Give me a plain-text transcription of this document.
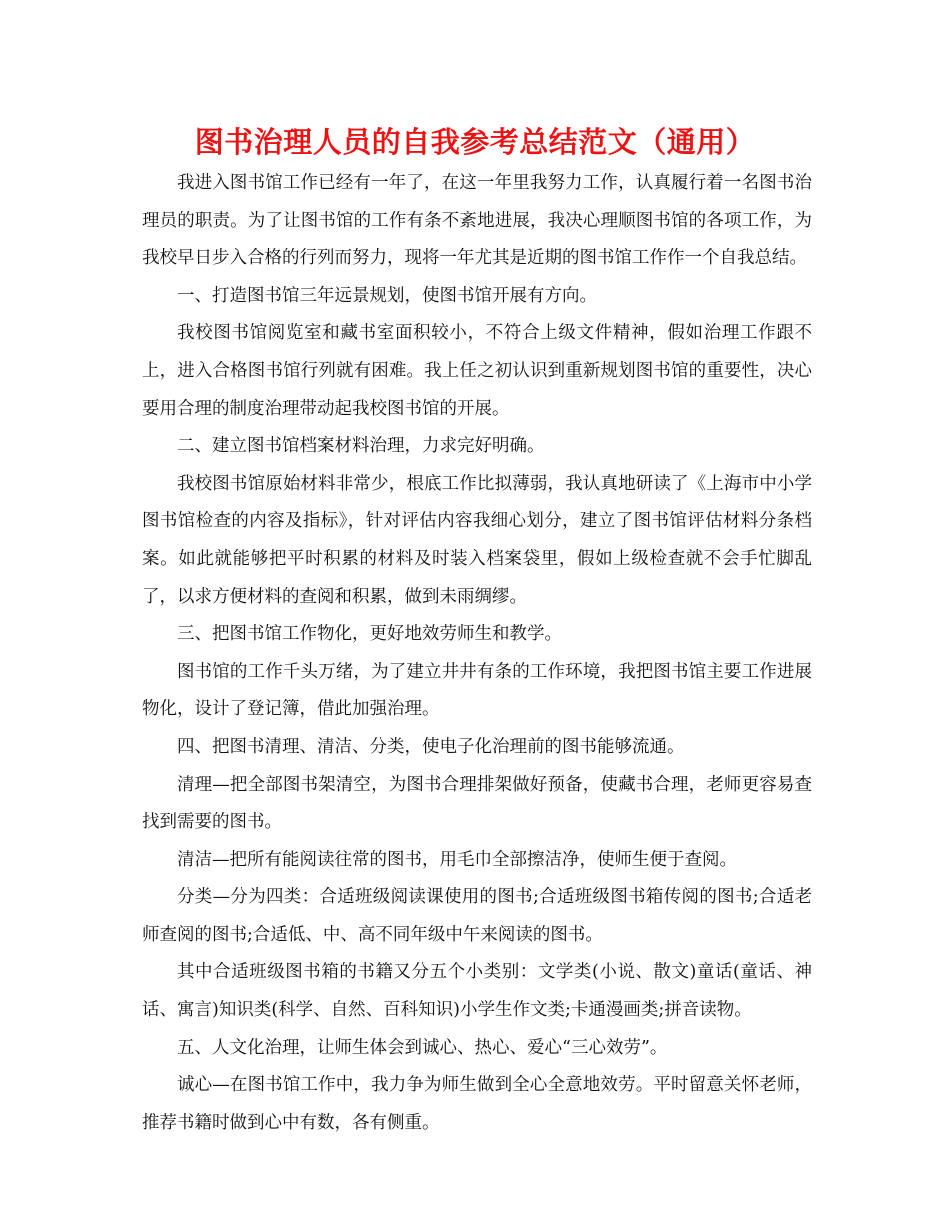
图书治理人员的自我参考总结范文（通用）

我进入图书馆工作已经有一年了，在这一年里我努力工作，认真履行着一名图书治理员的职责。为了让图书馆的工作有条不紊地进展，我决心理顺图书馆的各项工作，为我校早日步入合格的行列而努力，现将一年尤其是近期的图书馆工作作一个自我总结。

一、打造图书馆三年远景规划，使图书馆开展有方向。

我校图书馆阅览室和藏书室面积较小，不符合上级文件精神，假如治理工作跟不上，进入合格图书馆行列就有困难。我上任之初认识到重新规划图书馆的重要性，决心要用合理的制度治理带动起我校图书馆的开展。

二、建立图书馆档案材料治理，力求完好明确。

我校图书馆原始材料非常少，根底工作比拟薄弱，我认真地研读了《上海市中小学图书馆检查的内容及指标》，针对评估内容我细心划分，建立了图书馆评估材料分条档案。如此就能够把平时积累的材料及时装入档案袋里，假如上级检查就不会手忙脚乱了，以求方便材料的查阅和积累，做到未雨绸缪。

三、把图书馆工作物化，更好地效劳师生和教学。

图书馆的工作千头万绪，为了建立井井有条的工作环境，我把图书馆主要工作进展物化，设计了登记簿，借此加强治理。

四、把图书清理、清洁、分类，使电子化治理前的图书能够流通。

清理—把全部图书架清空，为图书合理排架做好预备，使藏书合理，老师更容易查找到需要的图书。

清洁—把所有能阅读往常的图书，用毛巾全部擦洁净，使师生便于查阅。

分类—分为四类：合适班级阅读课使用的图书;合适班级图书箱传阅的图书;合适老师查阅的图书;合适低、中、高不同年级中午来阅读的图书。

其中合适班级图书箱的书籍又分五个小类别：文学类(小说、散文)童话(童话、神话、寓言)知识类(科学、自然、百科知识)小学生作文类;卡通漫画类;拼音读物。

五、人文化治理，让师生体会到诚心、热心、爱心“三心效劳”。

诚心—在图书馆工作中，我力争为师生做到全心全意地效劳。平时留意关怀老师，推荐书籍时做到心中有数，各有侧重。
